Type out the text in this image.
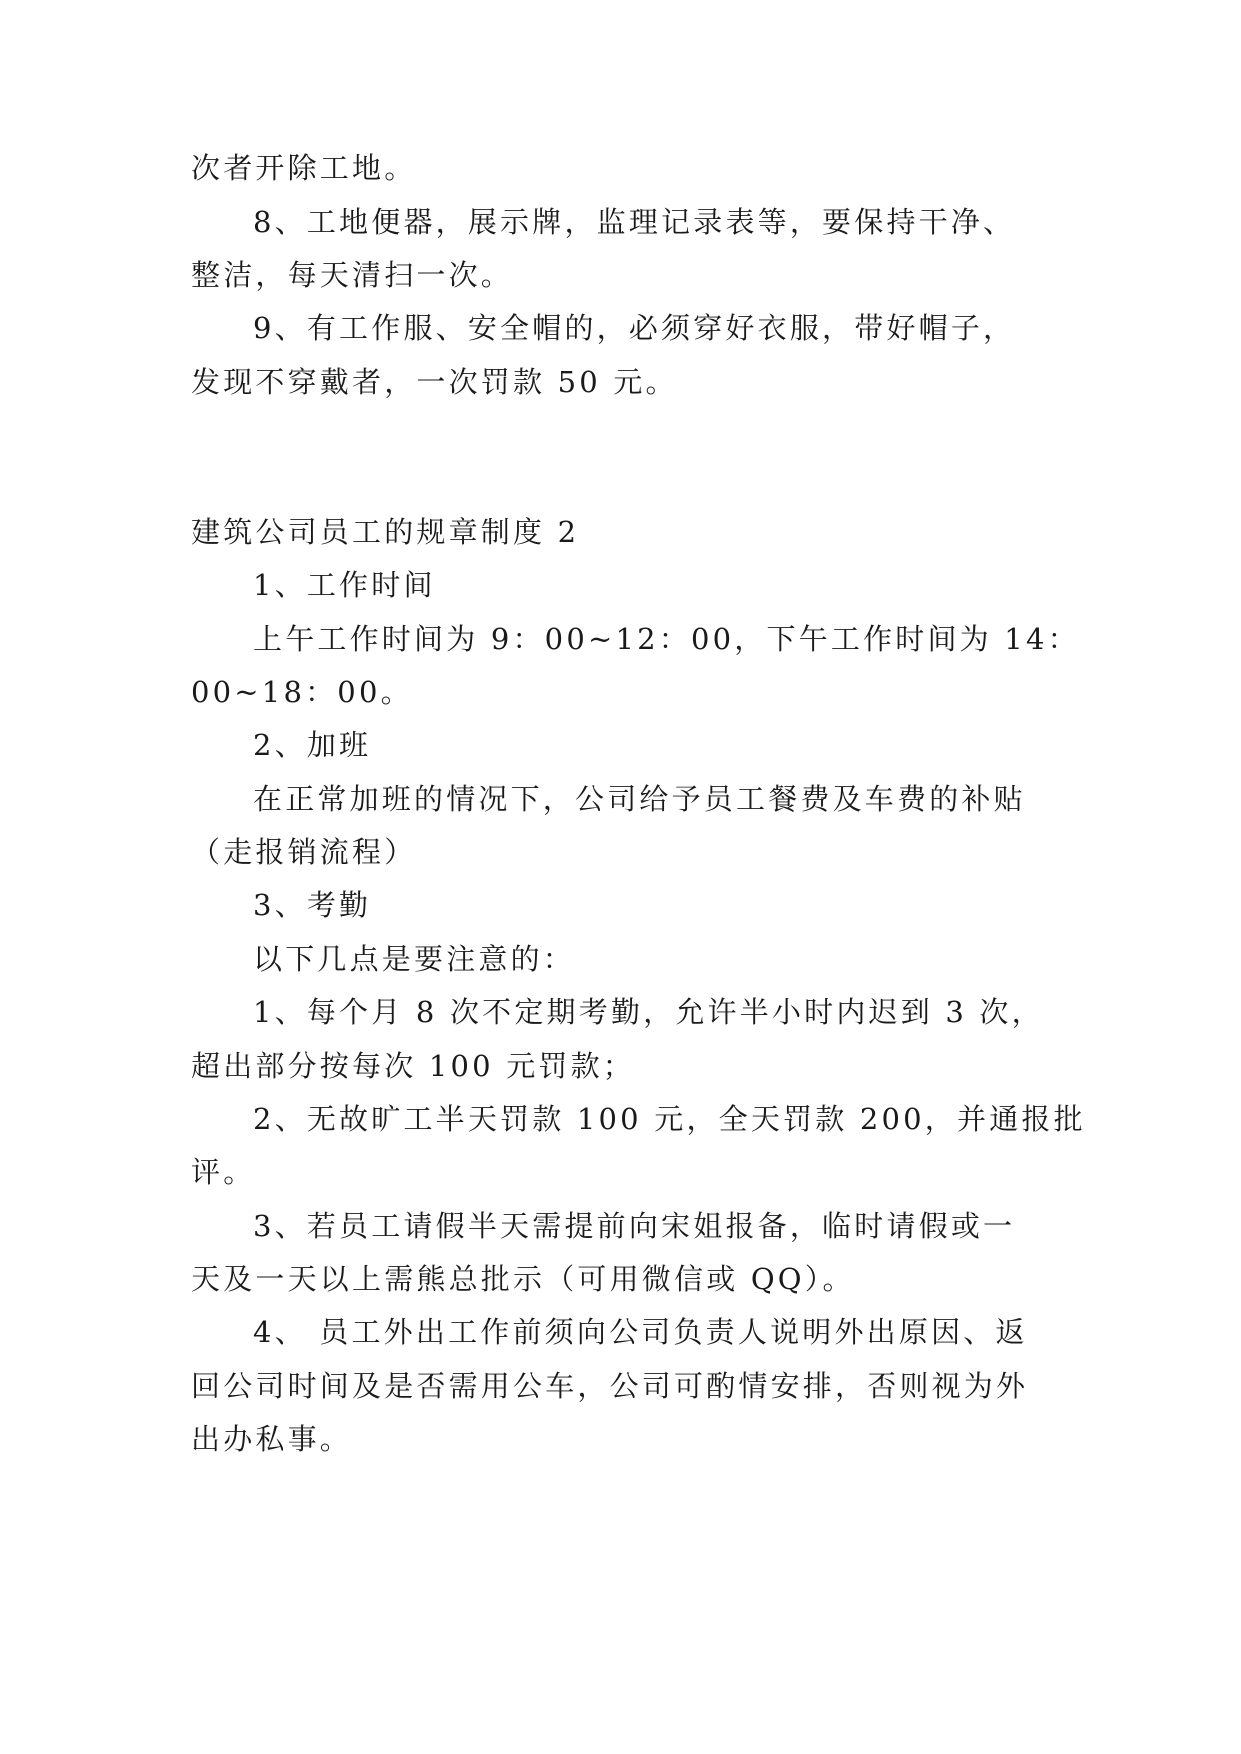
次者开除工地。
8、工地便器，展示牌，监理记录表等，要保持干净、
整洁，每天清扫一次。
9、有工作服、安全帽的，必须穿好衣服，带好帽子，
发现不穿戴者，一次罚款 50 元。
建筑公司员工的规章制度 2
1、工作时间
上午工作时间为 9：00~12：00，下午工作时间为 14：
00~18：00。
2、加班
在正常加班的情况下，公司给予员工餐费及车费的补贴
（走报销流程）
3、考勤
以下几点是要注意的：
1、每个月 8 次不定期考勤，允许半小时内迟到 3 次，
超出部分按每次 100 元罚款；
2、无故旷工半天罚款 100 元，全天罚款 200，并通报批
评。
3、若员工请假半天需提前向宋姐报备，临时请假或一
天及一天以上需熊总批示（可用微信或 QQ）。
4、 员工外出工作前须向公司负责人说明外出原因、返
回公司时间及是否需用公车，公司可酌情安排，否则视为外
出办私事。
